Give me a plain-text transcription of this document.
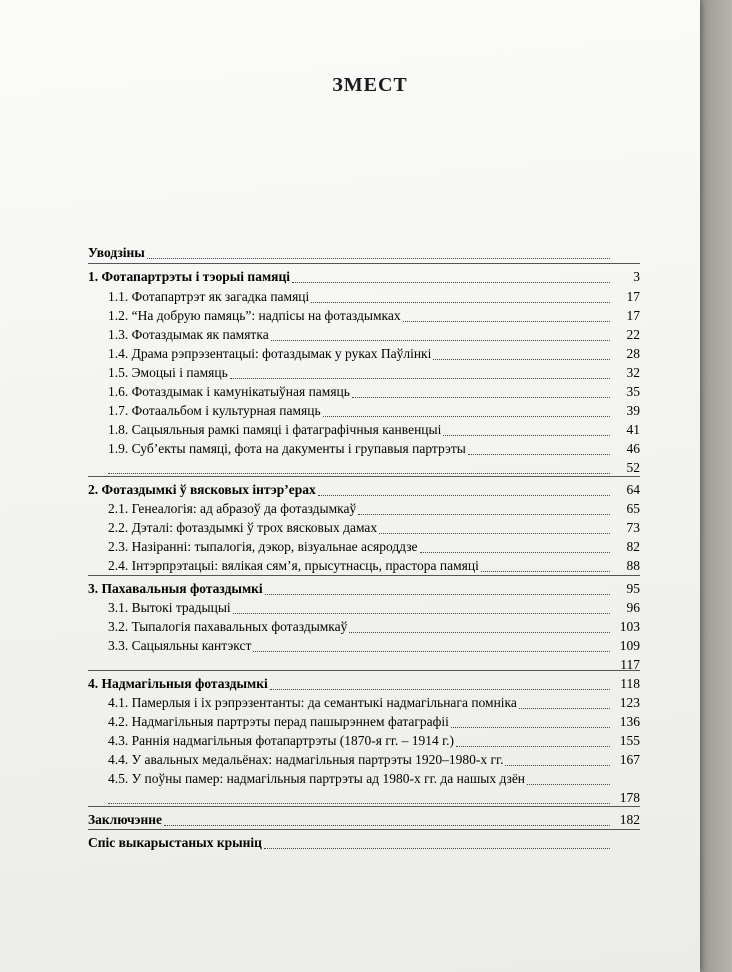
ЗМЕСТ
Уводзіны
1. Фотапартрэты і тэорыі памяці	3
1.1. Фотапартрэт як загадка памяці	17
1.2. “На добрую памяць”: надпісы на фотаздымках	17
1.3. Фотаздымак як памятка	22
1.4. Драма рэпрэзентацыі: фотаздымак у руках Паўлінкі	28
1.5. Эмоцыі і памяць	32
1.6. Фотаздымак і камунікатыўная памяць	35
1.7. Фотаальбом і культурная памяць	39
1.8. Сацыяльныя рамкі памяці і фатаграфічныя канвенцыі	41
1.9. Суб’екты памяці, фота на дакументы і групавыя партрэты	46
52
2. Фотаздымкі ў вясковых інтэр’ерах	64
2.1. Генеалогія: ад абразоў да фотаздымкаў	65
2.2. Дэталі: фотаздымкі ў трох вясковых дамах	73
2.3. Назіранні: тыпалогія, дэкор, візуальнае асяроддзе	82
2.4. Інтэрпрэтацыі: вялікая сям’я, прысутнасць, прастора памяці	88
3. Пахавальныя фотаздымкі	95
3.1. Вытокі традыцыі	96
3.2. Тыпалогія пахавальных фотаздымкаў	103
3.3. Сацыяльны кантэкст	109
117
4. Надмагільныя фотаздымкі	118
4.1. Памерлыя і іх рэпрэзентанты: да семантыкі надмагільнага помніка	123
4.2. Надмагільныя партрэты перад пашырэннем фатаграфіі	136
4.3. Раннія надмагільныя фотапартрэты (1870-я гг. – 1914 г.)	155
4.4. У авальных медальёнах: надмагільныя партрэты 1920–1980-х гг.	167
4.5. У поўны памер: надмагільныя партрэты ад 1980-х гг. да нашых дзён
178
Заключэнне	182
Спіс выкарыстаных крыніц
